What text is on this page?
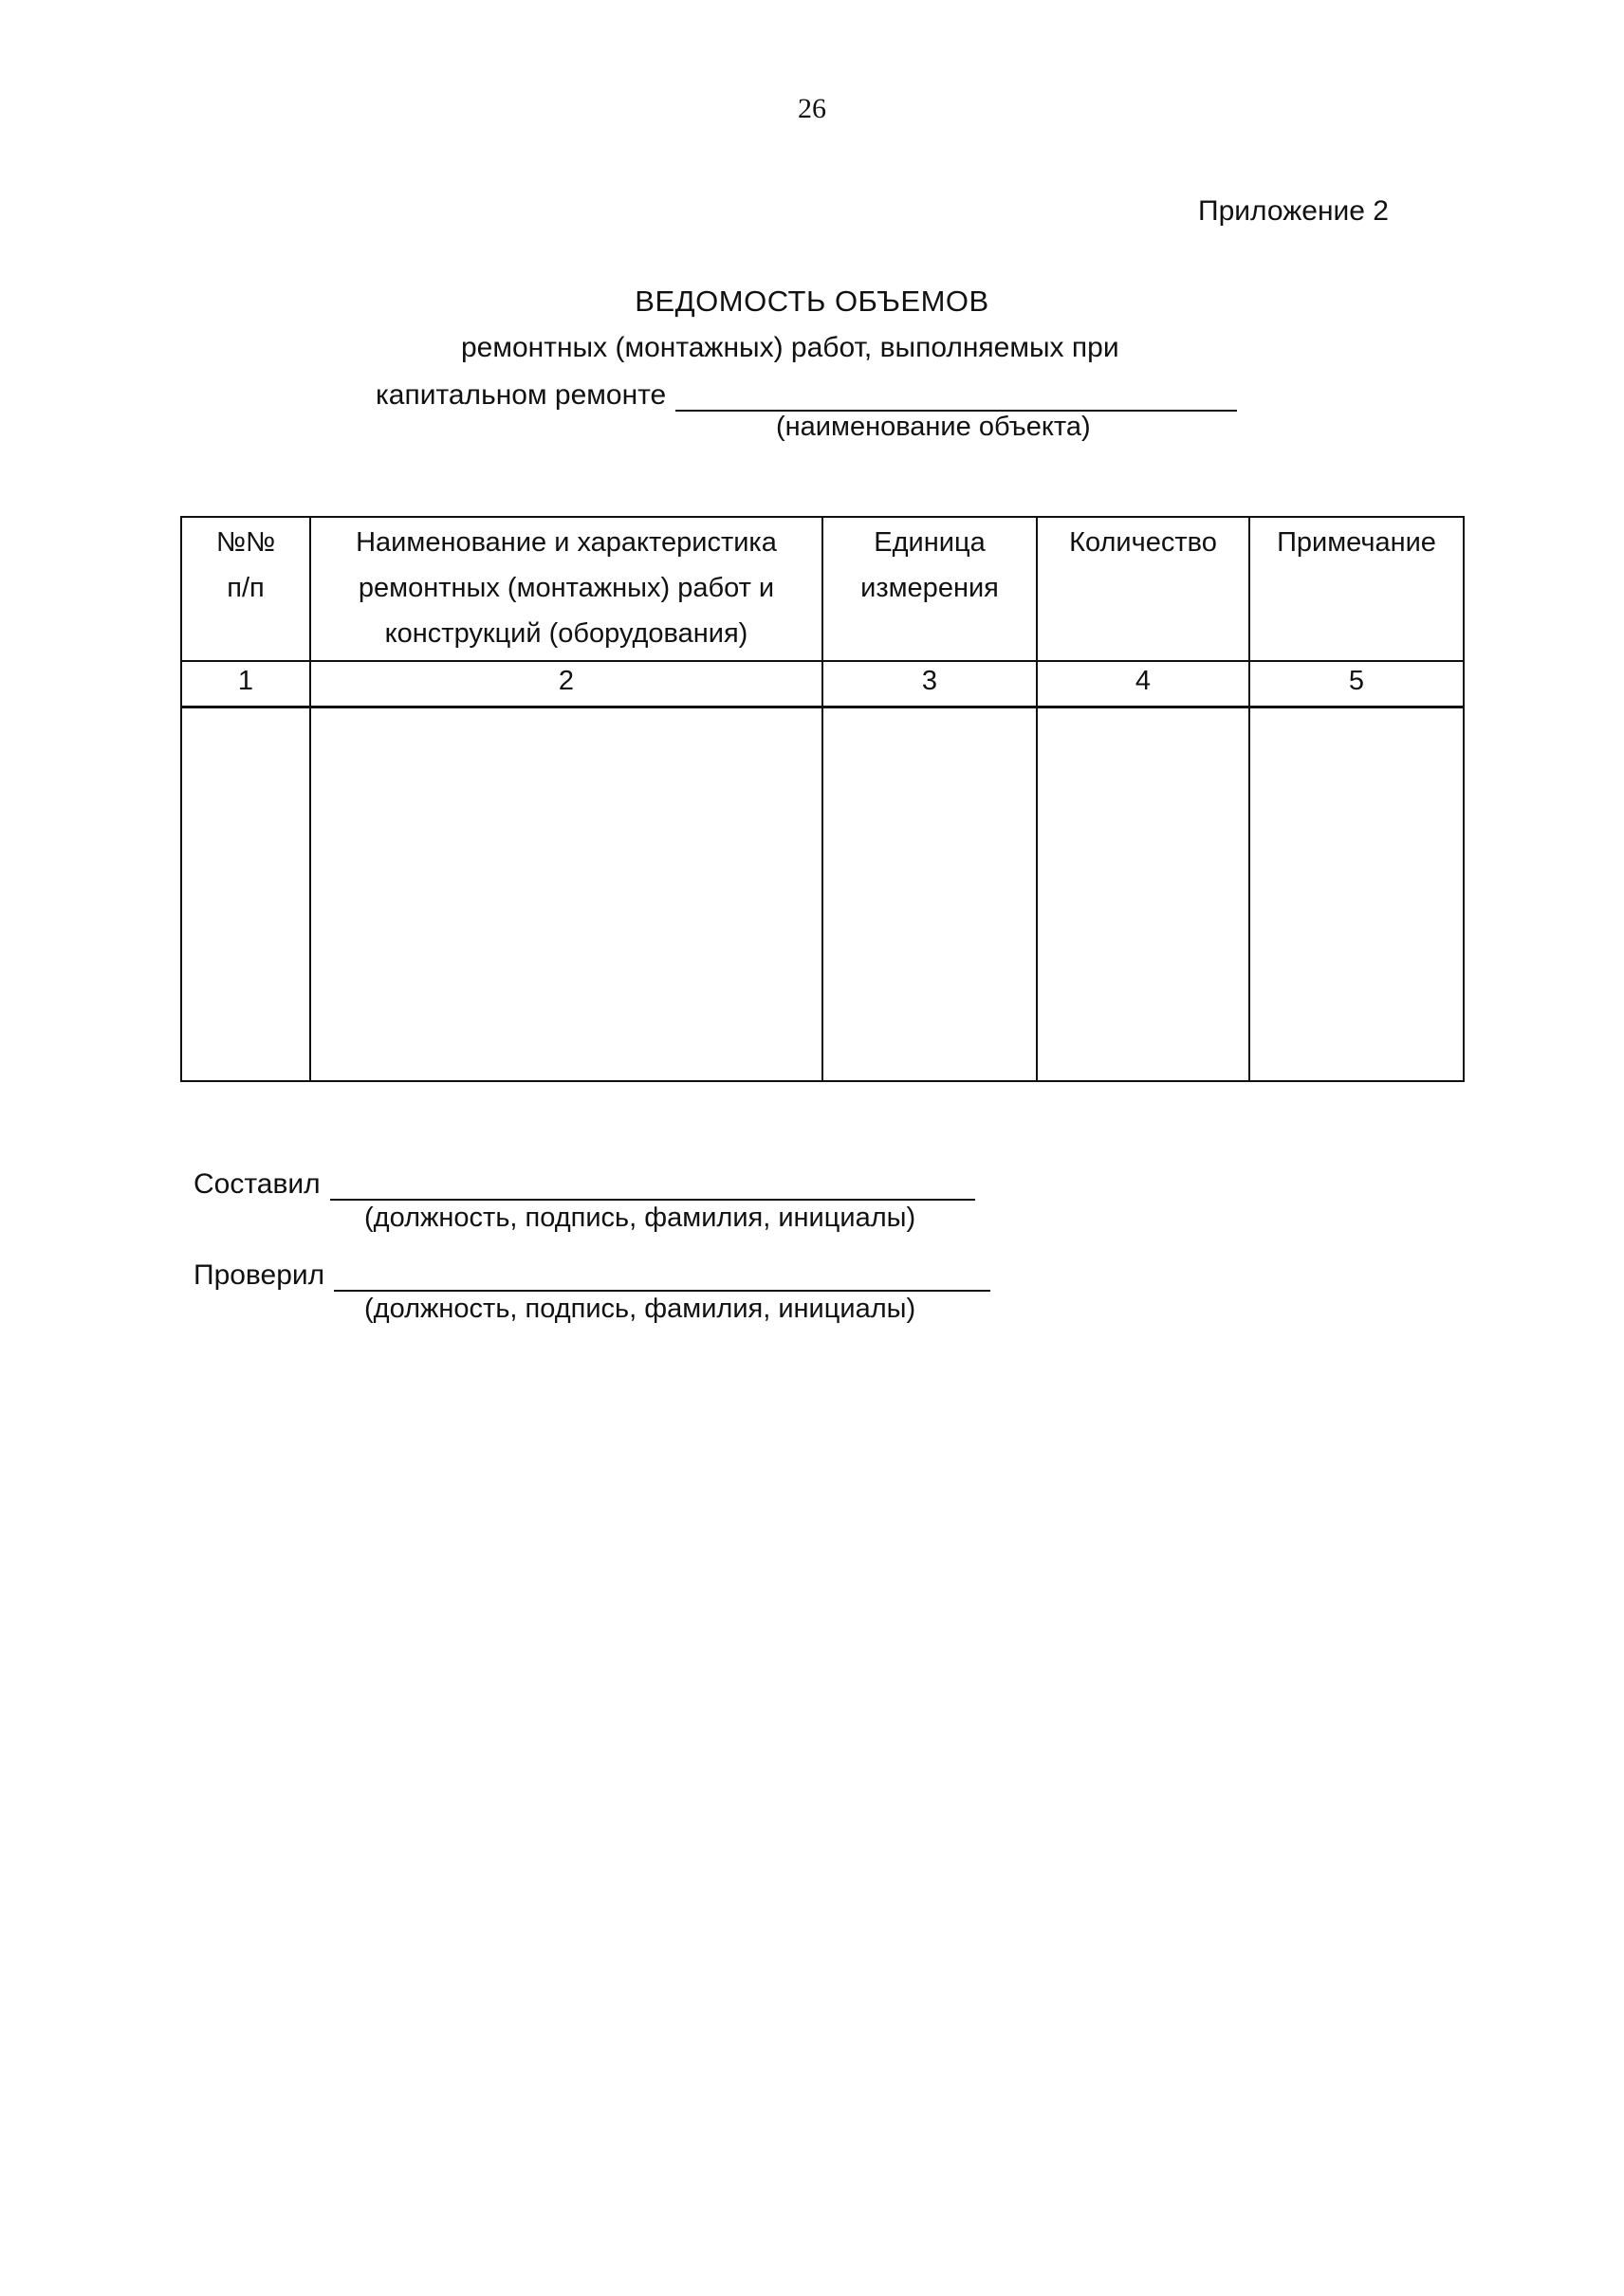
26
Приложение 2
ВЕДОМОСТЬ ОБЪЕМОВ
ремонтных (монтажных) работ, выполняемых при
капитальном ремонте
(наименование объекта)
№№ п/п	Наименование и характеристика ремонтных (монтажных) работ и конструкций (оборудования)	Единица измерения	Количество	Примечание
1	2	3	4	5

Составил
(должность, подпись, фамилия, инициалы)
Проверил
(должность, подпись, фамилия, инициалы)
